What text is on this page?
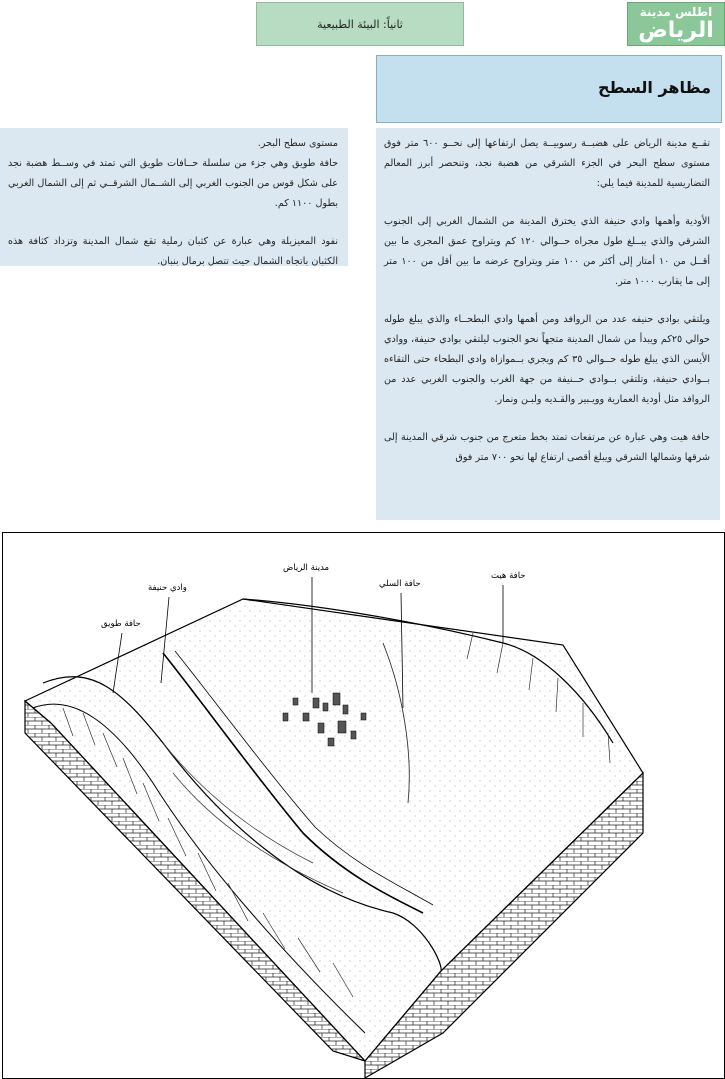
اطلس مدينة
الرياض
ثانياً: البيئة الطبيعية
مظاهر السطح

تقــع مدينة الرياض على هضبــة رسوبيــة يصل ارتفاعها إلى نحــو ٦٠٠ متر فوق مستوى سطح البحر في الجزء الشرقي من هضبة نجد، وتنحصر أبرز المعالم التضاريسية للمدينة فيما يلي:

الأودية وأهمها وادي حنيفة الذي يخترق المدينة من الشمال الغربي إلى الجنوب الشرقي والذي يبــلغ طول مجراه حــوالي ١٢٠ كم ويتراوح عمق المجرى ما بين أقــل من ١٠ أمتار إلى أكثر من ١٠٠ متر ويتراوح عرضه ما بين أقل من ١٠٠ متر إلى ما يقارب ١٠٠٠ متر.

ويلتقي بوادي حنيفه عدد من الروافد ومن أهمها وادي البطحــاء والذي يبلغ طوله حوالي ٢٥كم ويبدأ من شمال المدينة متجهاً نحو الجنوب ليلتقي بوادي حنيفة، ووادي الأيسن الذي يبلغ طوله حــوالي ٣٥ كم ويجري بــموازاة وادي البطحاء حتى التقاءه بــوادي حنيفة، وتلتقي بــوادي حــنيفة من جهة الغرب والجنوب الغربي عدد من الروافد مثل أودية العمارية وويـبير والقـديه ولبـن ونمار.

حافة هيت وهي عبارة عن مرتفعات تمتد بخط متعرج من جنوب شرقي المدينة إلى شرقها وشمالها الشرقي ويبلغ أقصى ارتفاع لها نحو ٧٠٠ متر فوق

مستوى سطح البحر.

حافة طويق وهي جزء من سلسلة حــافات طويق التي تمتد في وســط هضبة نجد على شكل قوس من الجنوب الغربي إلى الشــمال الشرقــي ثم إلى الشمال الغربي بطول ١١٠٠ كم.

نفود المعيزيلة وهي عبارة عن كثبان رملية تقع شمال المدينة وتزداد كثافة هذه الكثبان باتجاه الشمال حيث تتصل برمال بنبان.

مدينة الرياض
وادي حنيفة
حافة طويق
حافة السلي
حافة هيت
